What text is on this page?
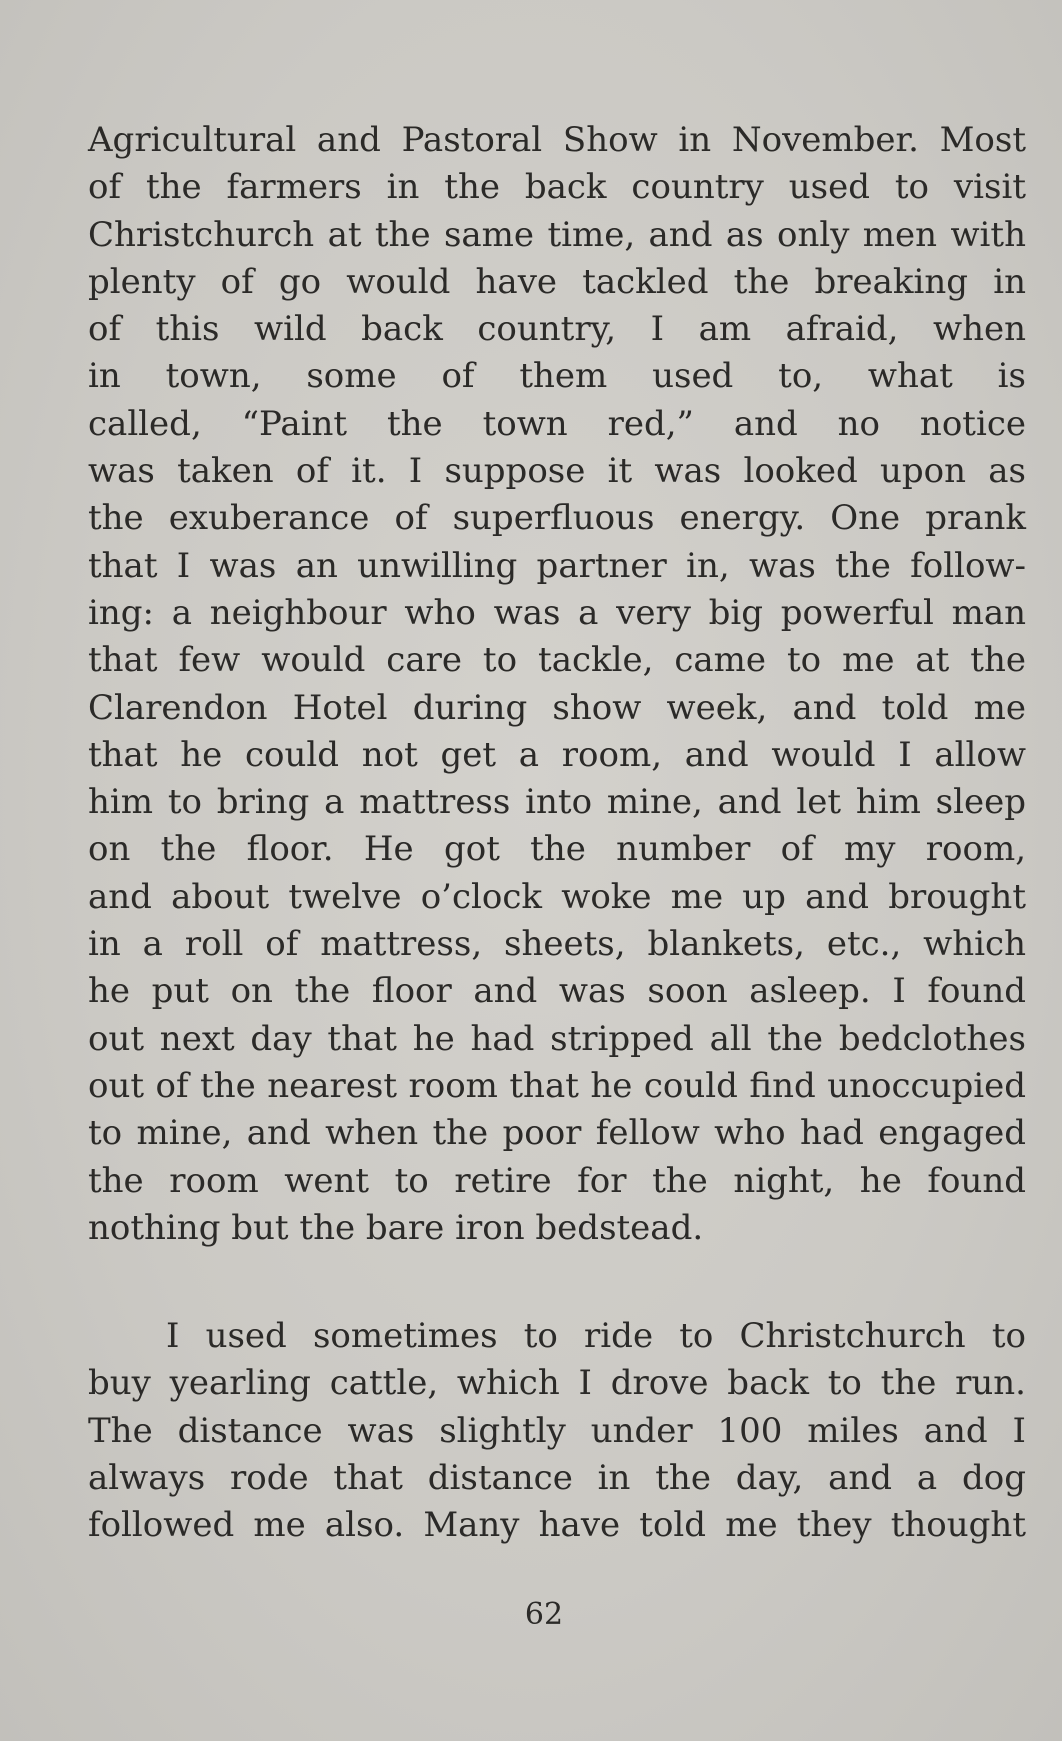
Agricultural and Pastoral Show in November. Most
of the farmers in the back country used to visit
Christchurch at the same time, and as only men with
plenty of go would have tackled the breaking in
of this wild back country, I am afraid, when
in town, some of them used to, what is
called, “Paint the town red,” and no notice
was taken of it. I suppose it was looked upon as
the exuberance of superfluous energy. One prank
that I was an unwilling partner in, was the follow-
ing: a neighbour who was a very big powerful man
that few would care to tackle, came to me at the
Clarendon Hotel during show week, and told me
that he could not get a room, and would I allow
him to bring a mattress into mine, and let him sleep
on the floor. He got the number of my room,
and about twelve o’clock woke me up and brought
in a roll of mattress, sheets, blankets, etc., which
he put on the floor and was soon asleep. I found
out next day that he had stripped all the bedclothes
out of the nearest room that he could find unoccupied
to mine, and when the poor fellow who had engaged
the room went to retire for the night, he found
nothing but the bare iron bedstead.
I used sometimes to ride to Christchurch to
buy yearling cattle, which I drove back to the run.
The distance was slightly under 100 miles and I
always rode that distance in the day, and a dog
followed me also. Many have told me they thought
62
